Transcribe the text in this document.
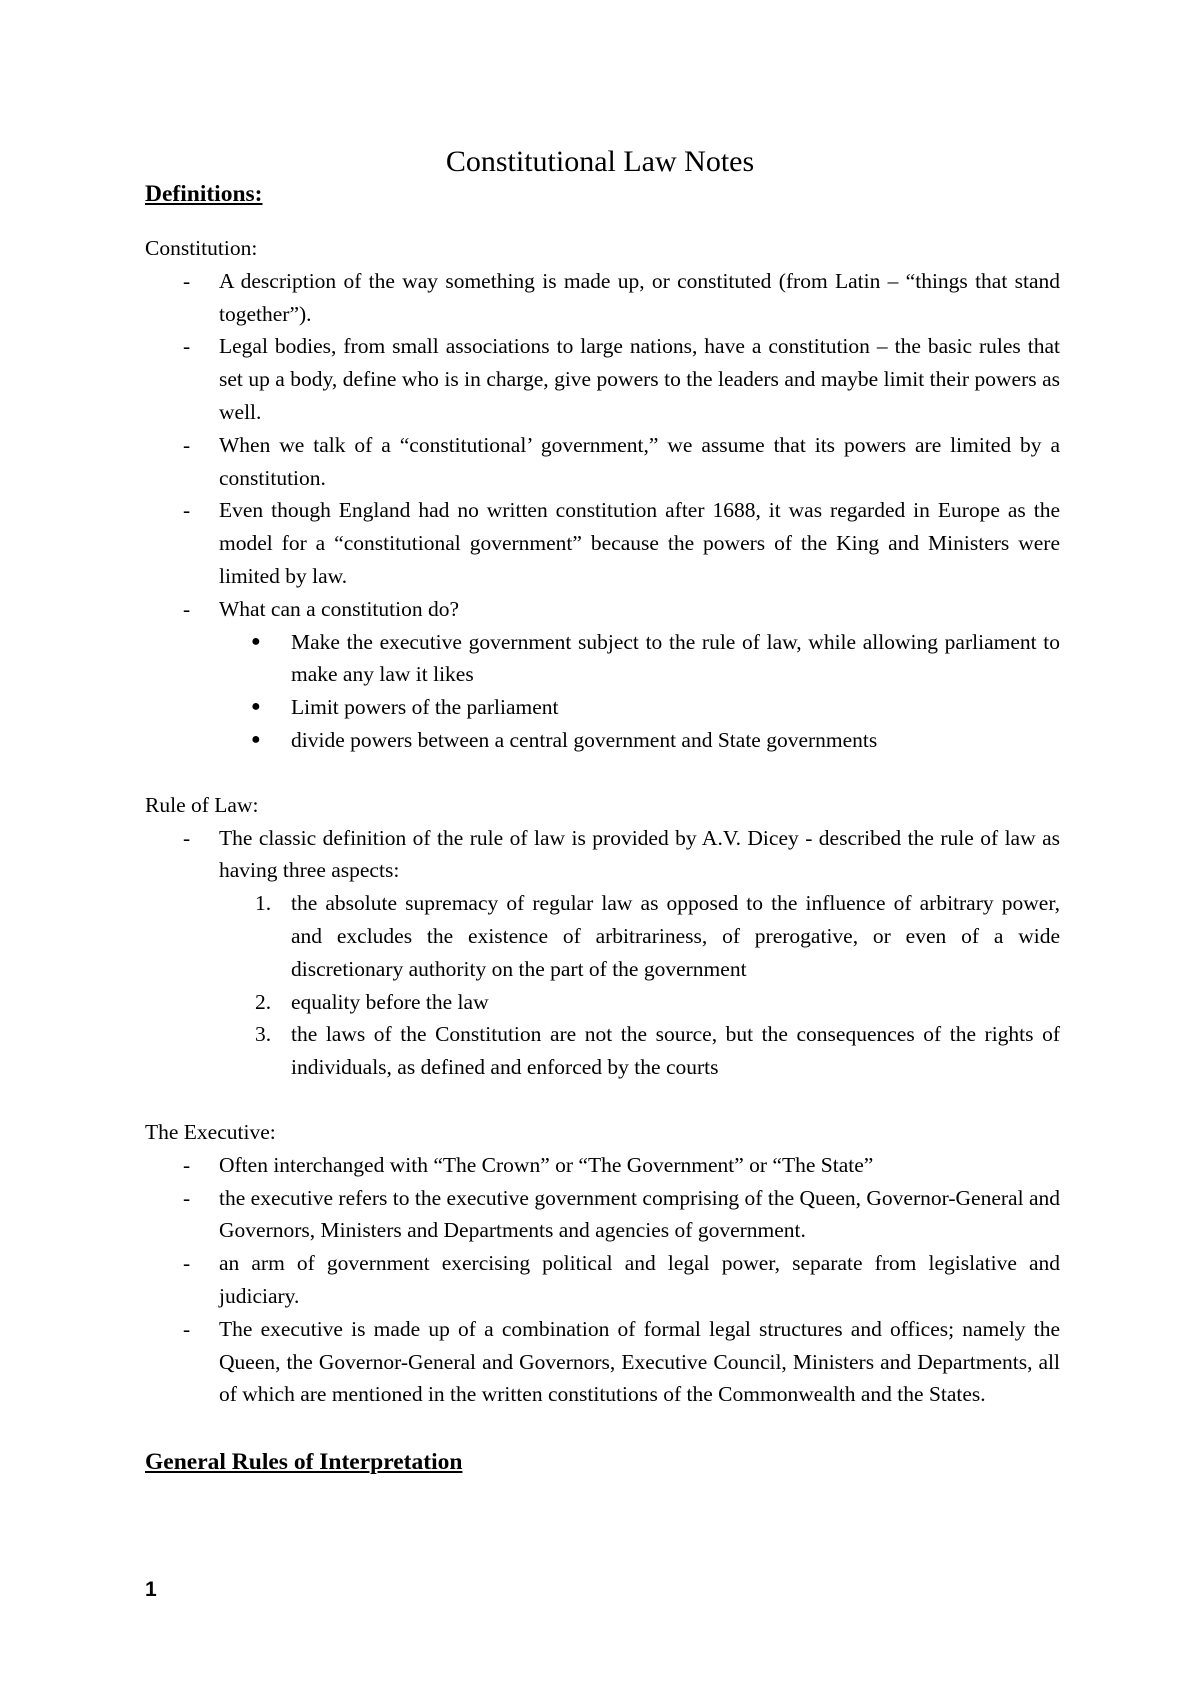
Constitutional Law Notes
Definitions:
Constitution:
- A description of the way something is made up, or constituted (from Latin – “things that stand together”).
- Legal bodies, from small associations to large nations, have a constitution – the basic rules that set up a body, define who is in charge, give powers to the leaders and maybe limit their powers as well.
- When we talk of a “constitutional’ government,” we assume that its powers are limited by a constitution.
- Even though England had no written constitution after 1688, it was regarded in Europe as the model for a “constitutional government” because the powers of the King and Ministers were limited by law.
- What can a constitution do?
● Make the executive government subject to the rule of law, while allowing parliament to make any law it likes
● Limit powers of the parliament
● divide powers between a central government and State governments
Rule of Law:
- The classic definition of the rule of law is provided by A.V. Dicey - described the rule of law as having three aspects:
1. the absolute supremacy of regular law as opposed to the influence of arbitrary power, and excludes the existence of arbitrariness, of prerogative, or even of a wide discretionary authority on the part of the government
2. equality before the law
3. the laws of the Constitution are not the source, but the consequences of the rights of individuals, as defined and enforced by the courts
The Executive:
- Often interchanged with “The Crown” or “The Government” or “The State”
- the executive refers to the executive government comprising of the Queen, Governor-General and Governors, Ministers and Departments and agencies of government.
- an arm of government exercising political and legal power, separate from legislative and judiciary.
- The executive is made up of a combination of formal legal structures and offices; namely the Queen, the Governor-General and Governors, Executive Council, Ministers and Departments, all of which are mentioned in the written constitutions of the Commonwealth and the States.
General Rules of Interpretation
1
